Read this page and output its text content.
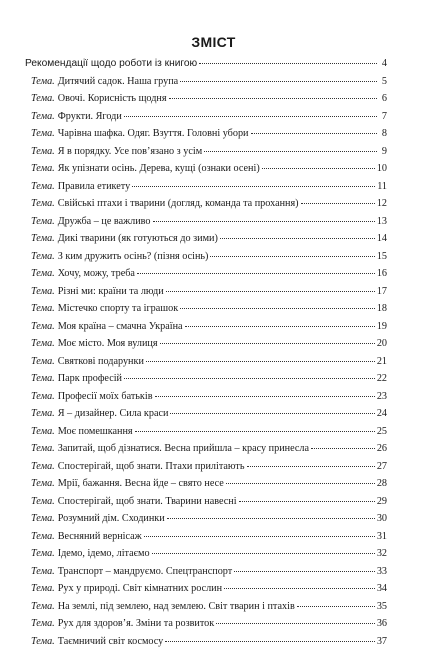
ЗМІСТ
Рекомендації щодо роботи із книгою	4
Тема. Дитячий садок. Наша група	5
Тема. Овочі. Корисність щодня	6
Тема. Фрукти. Ягоди	7
Тема. Чарівна шафка. Одяг. Взуття. Головні убори	8
Тема. Я в порядку. Усе пов’язано з усім	9
Тема. Як упізнати осінь. Дерева, кущі (ознаки осені)	10
Тема. Правила етикету	11
Тема. Свійські птахи і тварини (догляд, команда та прохання)	12
Тема. Дружба – це важливо	13
Тема. Дикі тварини (як готуються до зими)	14
Тема. З ким дружить осінь? (пізня осінь)	15
Тема. Хочу, можу, треба	16
Тема. Різні ми: країни та люди	17
Тема. Містечко спорту та іграшок	18
Тема. Моя країна – смачна Україна	19
Тема. Моє місто. Моя вулиця	20
Тема. Святкові подарунки	21
Тема. Парк професій	22
Тема. Професії моїх батьків	23
Тема. Я – дизайнер. Сила краси	24
Тема. Моє помешкання	25
Тема. Запитай, щоб дізнатися. Весна прийшла – красу принесла	26
Тема. Спостерігай, щоб знати. Птахи прилітають	27
Тема. Мрії, бажання. Весна йде – свято несе	28
Тема. Спостерігай, щоб знати. Тварини навесні	29
Тема. Розумний дім. Сходинки	30
Тема. Весняний вернісаж	31
Тема. Ідемо, ідемо, літаємо	32
Тема. Транспорт – мандруємо. Спецтранспорт	33
Тема. Рух у природі. Світ кімнатних рослин	34
Тема. На землі, під землею, над землею. Світ тварин і птахів	35
Тема. Рух для здоров’я. Зміни та розвиток	36
Тема. Таємничий світ космосу	37
